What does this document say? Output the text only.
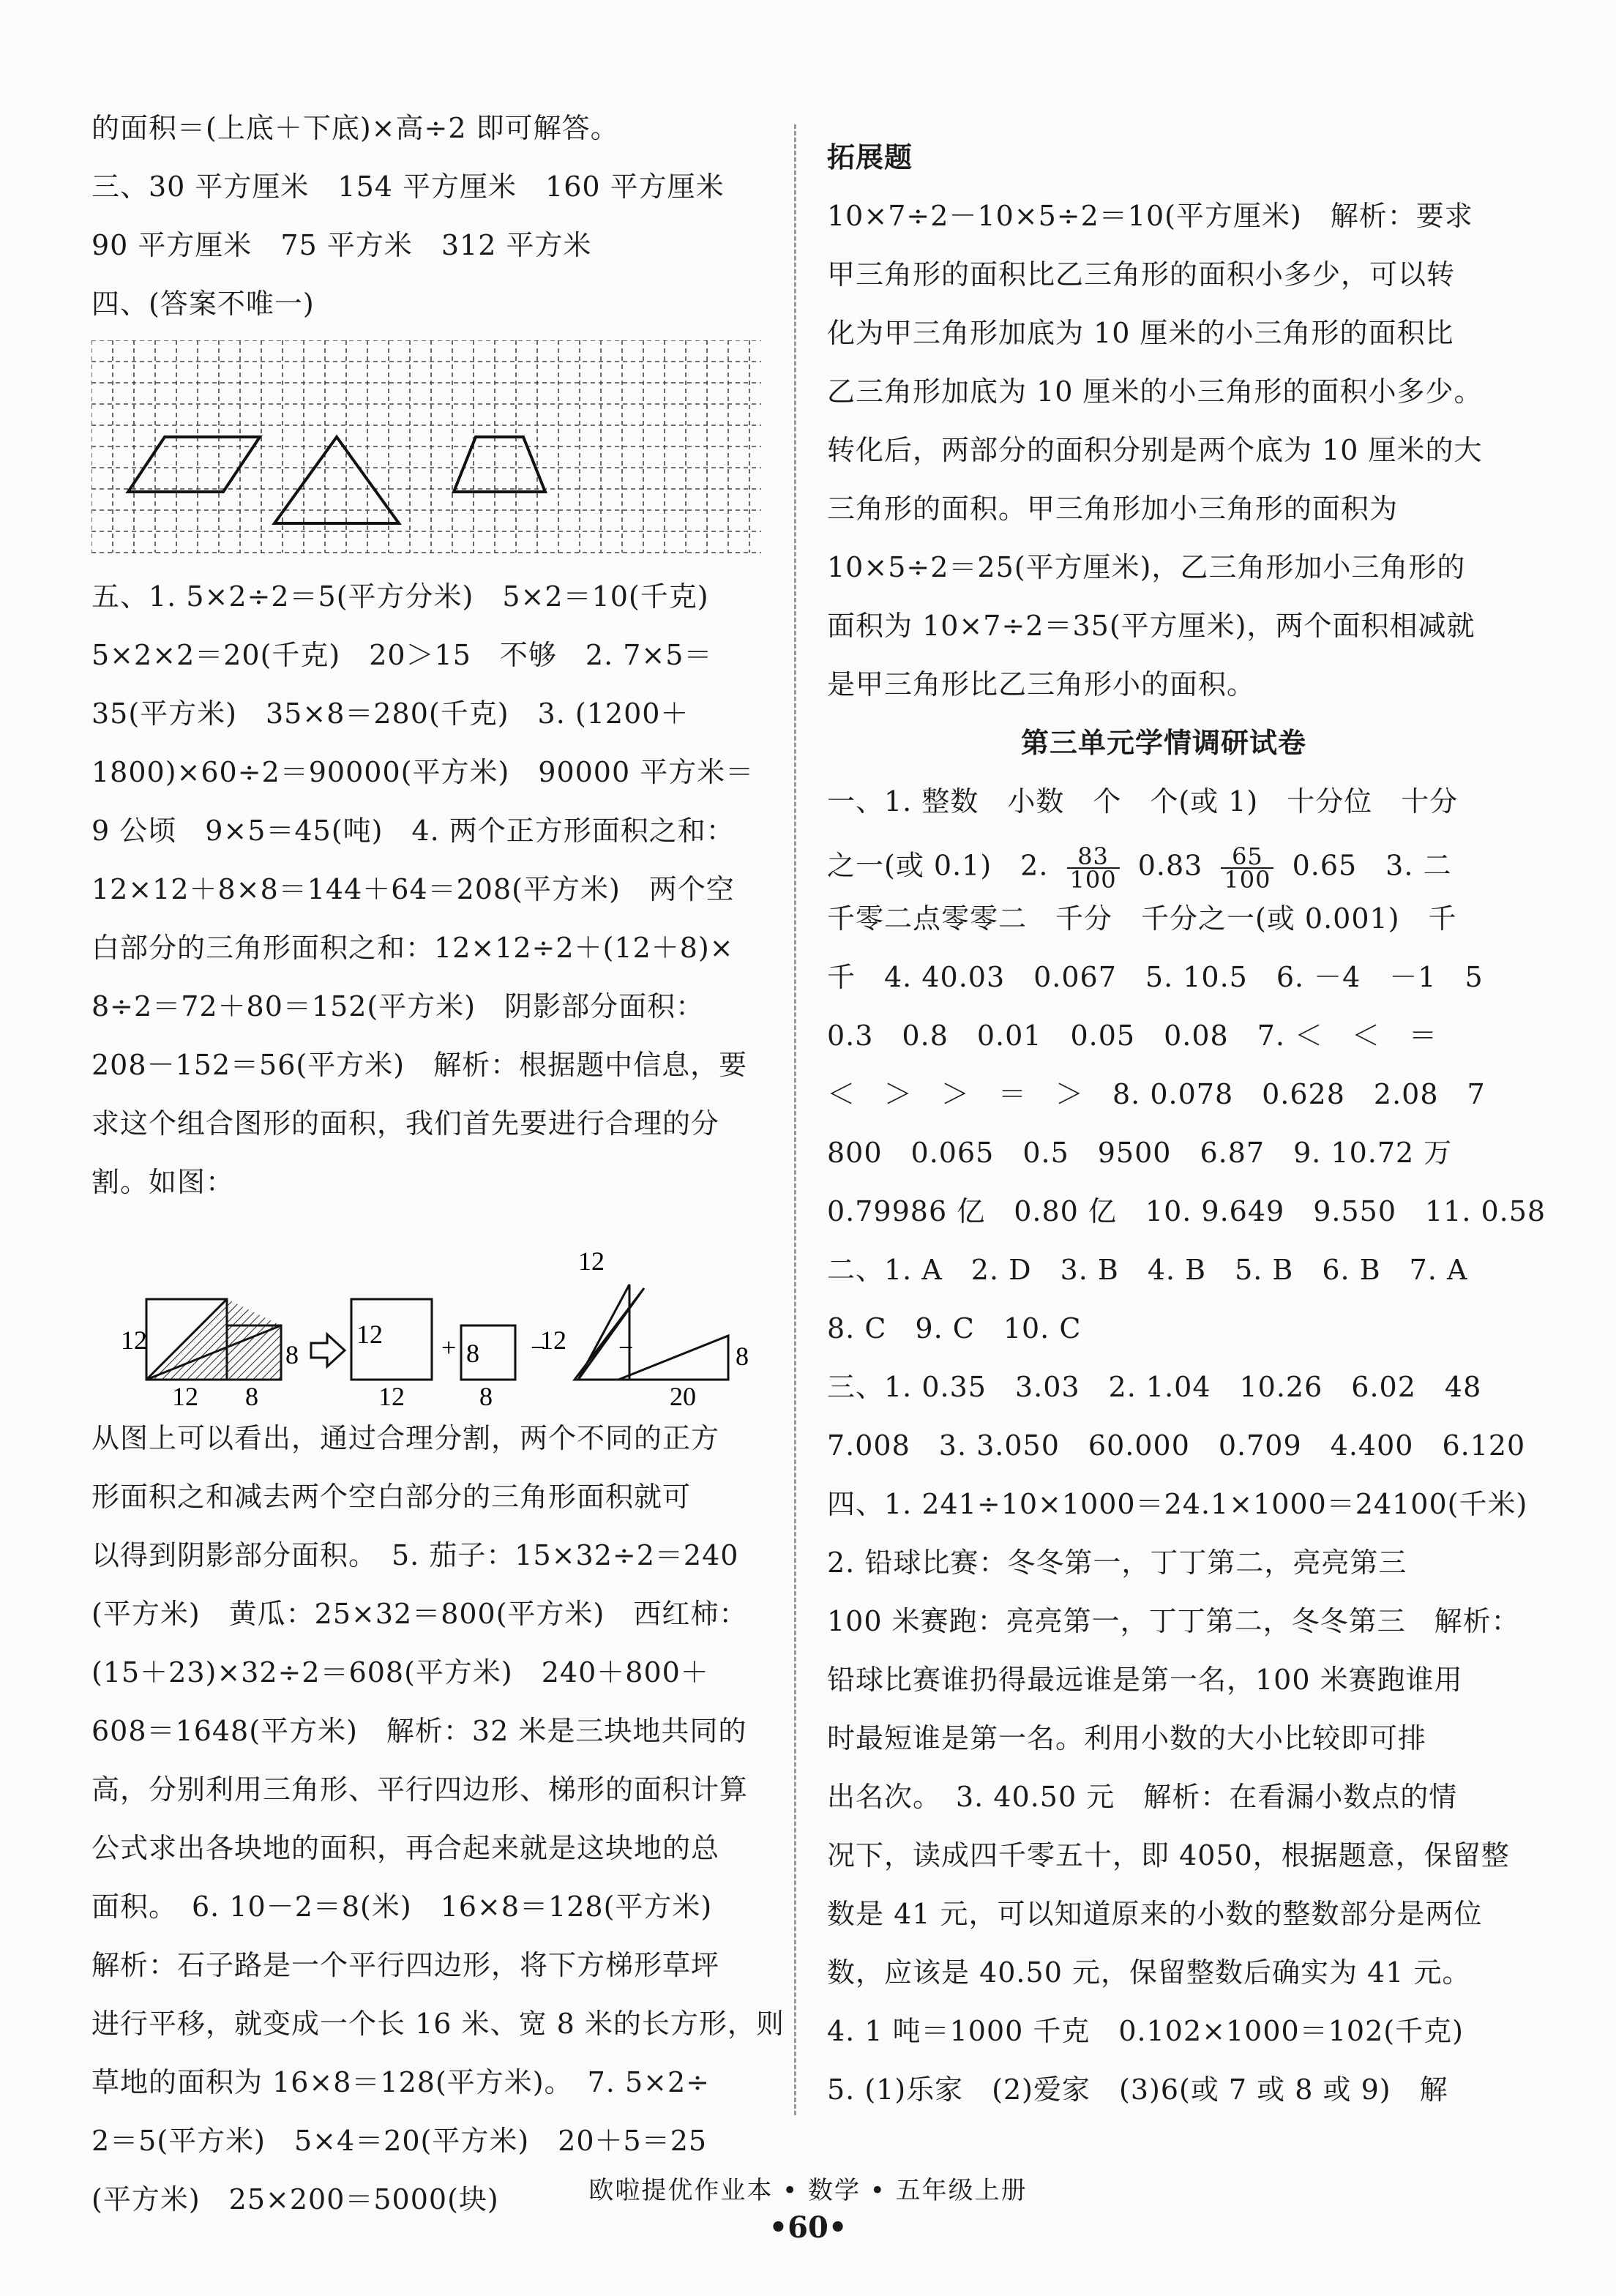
的面积＝(上底＋下底)×高÷2 即可解答。
三、30 平方厘米　154 平方厘米　160 平方厘米
90 平方厘米　75 平方米　312 平方米
四、(答案不唯一)
五、1. 5×2÷2＝5(平方分米)　5×2＝10(千克)
5×2×2＝20(千克)　20＞15　不够　2. 7×5＝
35(平方米)　35×8＝280(千克)　3. (1200＋
1800)×60÷2＝90000(平方米)　90000 平方米＝
9 公顷　9×5＝45(吨)　4. 两个正方形面积之和：
12×12＋8×8＝144＋64＝208(平方米)　两个空
白部分的三角形面积之和：12×12÷2＋(12＋8)×
8÷2＝72＋80＝152(平方米)　阴影部分面积：
208－152＝56(平方米)　解析：根据题中信息，要
求这个组合图形的面积，我们首先要进行合理的分
割。如图：
12	8
12 8
12
12
+ 8
8
−
12
12 −	8
20
从图上可以看出，通过合理分割，两个不同的正方
形面积之和减去两个空白部分的三角形面积就可
以得到阴影部分面积。　5. 茄子：15×32÷2＝240
(平方米)　黄瓜：25×32＝800(平方米)　西红柿：
(15＋23)×32÷2＝608(平方米)　240＋800＋
608＝1648(平方米)　解析：32 米是三块地共同的
高，分别利用三角形、平行四边形、梯形的面积计算
公式求出各块地的面积，再合起来就是这块地的总
面积。　6. 10－2＝8(米)　16×8＝128(平方米)
解析：石子路是一个平行四边形，将下方梯形草坪
进行平移，就变成一个长 16 米、宽 8 米的长方形，则
草地的面积为 16×8＝128(平方米)。　7. 5×2÷
2＝5(平方米)　5×4＝20(平方米)　20＋5＝25
(平方米)　25×200＝5000(块)
拓展题
10×7÷2－10×5÷2＝10(平方厘米)　解析：要求
甲三角形的面积比乙三角形的面积小多少，可以转
化为甲三角形加底为 10 厘米的小三角形的面积比
乙三角形加底为 10 厘米的小三角形的面积小多少。
转化后，两部分的面积分别是两个底为 10 厘米的大
三角形的面积。甲三角形加小三角形的面积为
10×5÷2＝25(平方厘米)，乙三角形加小三角形的
面积为 10×7÷2＝35(平方厘米)，两个面积相减就
是甲三角形比乙三角形小的面积。
第三单元学情调研试卷
一、1. 整数　小数　个　个(或 1)　十分位　十分
之一(或 0.1)　2. $\frac{83}{100} 0.83 \frac{65}{100} 0.65$　3. 二
千零二点零零二　千分　千分之一(或 0.001)　千
千　4. 40.03　0.067　5. 10.5　6. －4　－1　5
0.3　0.8　0.01　0.05　0.08　7. ＜　＜　＝
＜　＞　＞　＝　＞　8. 0.078　0.628　2.08　7
800　0.065　0.5　9500　6.87　9. 10.72 万
0.79986 亿　0.80 亿　10. 9.649　9.550　11. 0.58
二、1. A　2. D　3. B　4. B　5. B　6. B　7. A
8. C　9. C　10. C
三、1. 0.35　3.03　2. 1.04　10.26　6.02　48
7.008　3. 3.050　60.000　0.709　4.400　6.120
四、1. 241÷10×1000＝24.1×1000＝24100(千米)
2. 铅球比赛：冬冬第一，丁丁第二，亮亮第三
100 米赛跑：亮亮第一，丁丁第二，冬冬第三　解析：
铅球比赛谁扔得最远谁是第一名，100 米赛跑谁用
时最短谁是第一名。利用小数的大小比较即可排
出名次。　3. 40.50 元　解析：在看漏小数点的情
况下，读成四千零五十，即 4050，根据题意，保留整
数是 41 元，可以知道原来的小数的整数部分是两位
数，应该是 40.50 元，保留整数后确实为 41 元。
4. 1 吨＝1000 千克　0.102×1000＝102(千克)
5. (1)乐家　(2)爱家　(3)6(或 7 或 8 或 9)　解
欧啦提优作业本 • 数学 • 五年级上册
•60•
